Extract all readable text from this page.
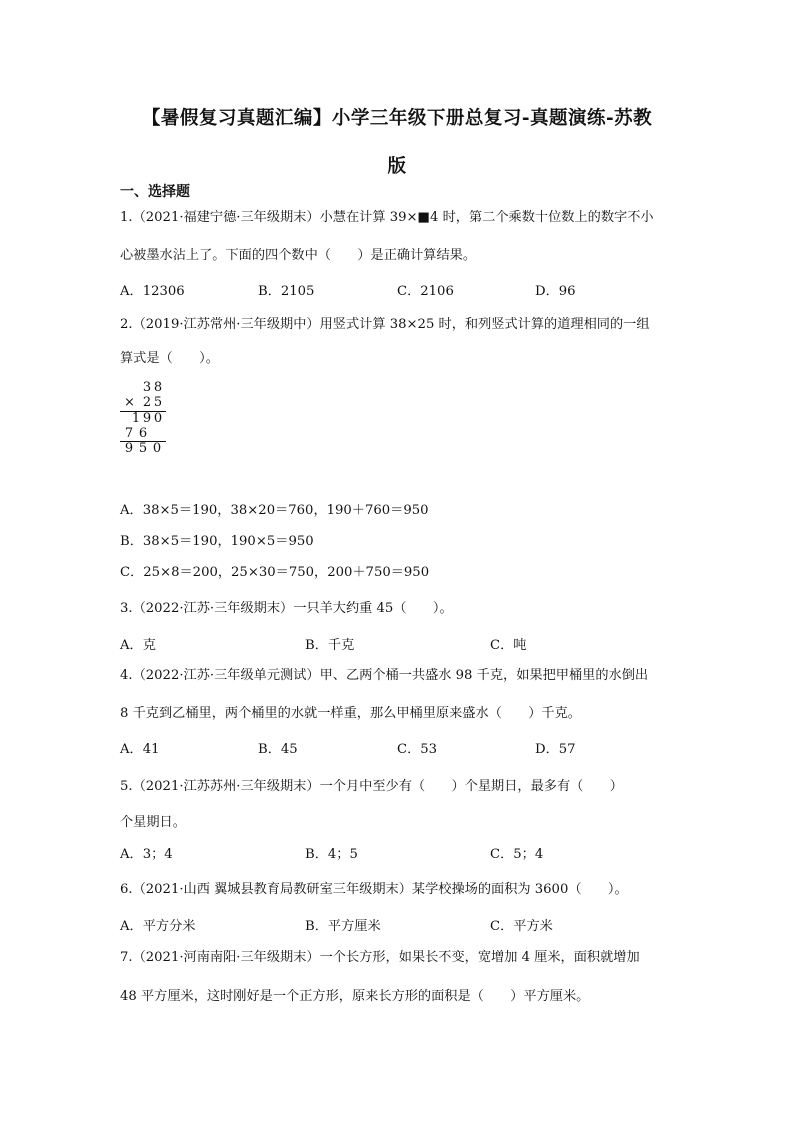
【暑假复习真题汇编】小学三年级下册总复习-真题演练-苏教
版
一、选择题
1.（2021·福建宁德·三年级期末）小慧在计算 39×■4 时，第二个乘数十位数上的数字不小
心被墨水沾上了。下面的四个数中（　　）是正确计算结果。
A．12306	B．2105	C．2106	D．96
2.（2019·江苏常州·三年级期中）用竖式计算 38×25 时，和列竖式计算的道理相同的一组
算式是（　　）。
3 8
× 2 5
1 9 0
7 6
9 5 0
A．38×5＝190，38×20＝760，190＋760＝950
B．38×5＝190，190×5＝950
C．25×8＝200，25×30＝750，200＋750＝950
3.（2022·江苏·三年级期末）一只羊大约重 45（　　）。
A．克	B．千克	C．吨
4.（2022·江苏·三年级单元测试）甲、乙两个桶一共盛水 98 千克，如果把甲桶里的水倒出
8 千克到乙桶里，两个桶里的水就一样重，那么甲桶里原来盛水（　　）千克。
A．41	B．45	C．53	D．57
5.（2021·江苏苏州·三年级期末）一个月中至少有（　　）个星期日，最多有（　　）
个星期日。
A．3；4	B．4；5	C．5；4
6.（2021·山西 翼城县教育局教研室三年级期末）某学校操场的面积为 3600（　　）。
A．平方分米	B．平方厘米	C．平方米
7.（2021·河南南阳·三年级期末）一个长方形，如果长不变，宽增加 4 厘米，面积就增加
48 平方厘米，这时刚好是一个正方形，原来长方形的面积是（　　）平方厘米。
